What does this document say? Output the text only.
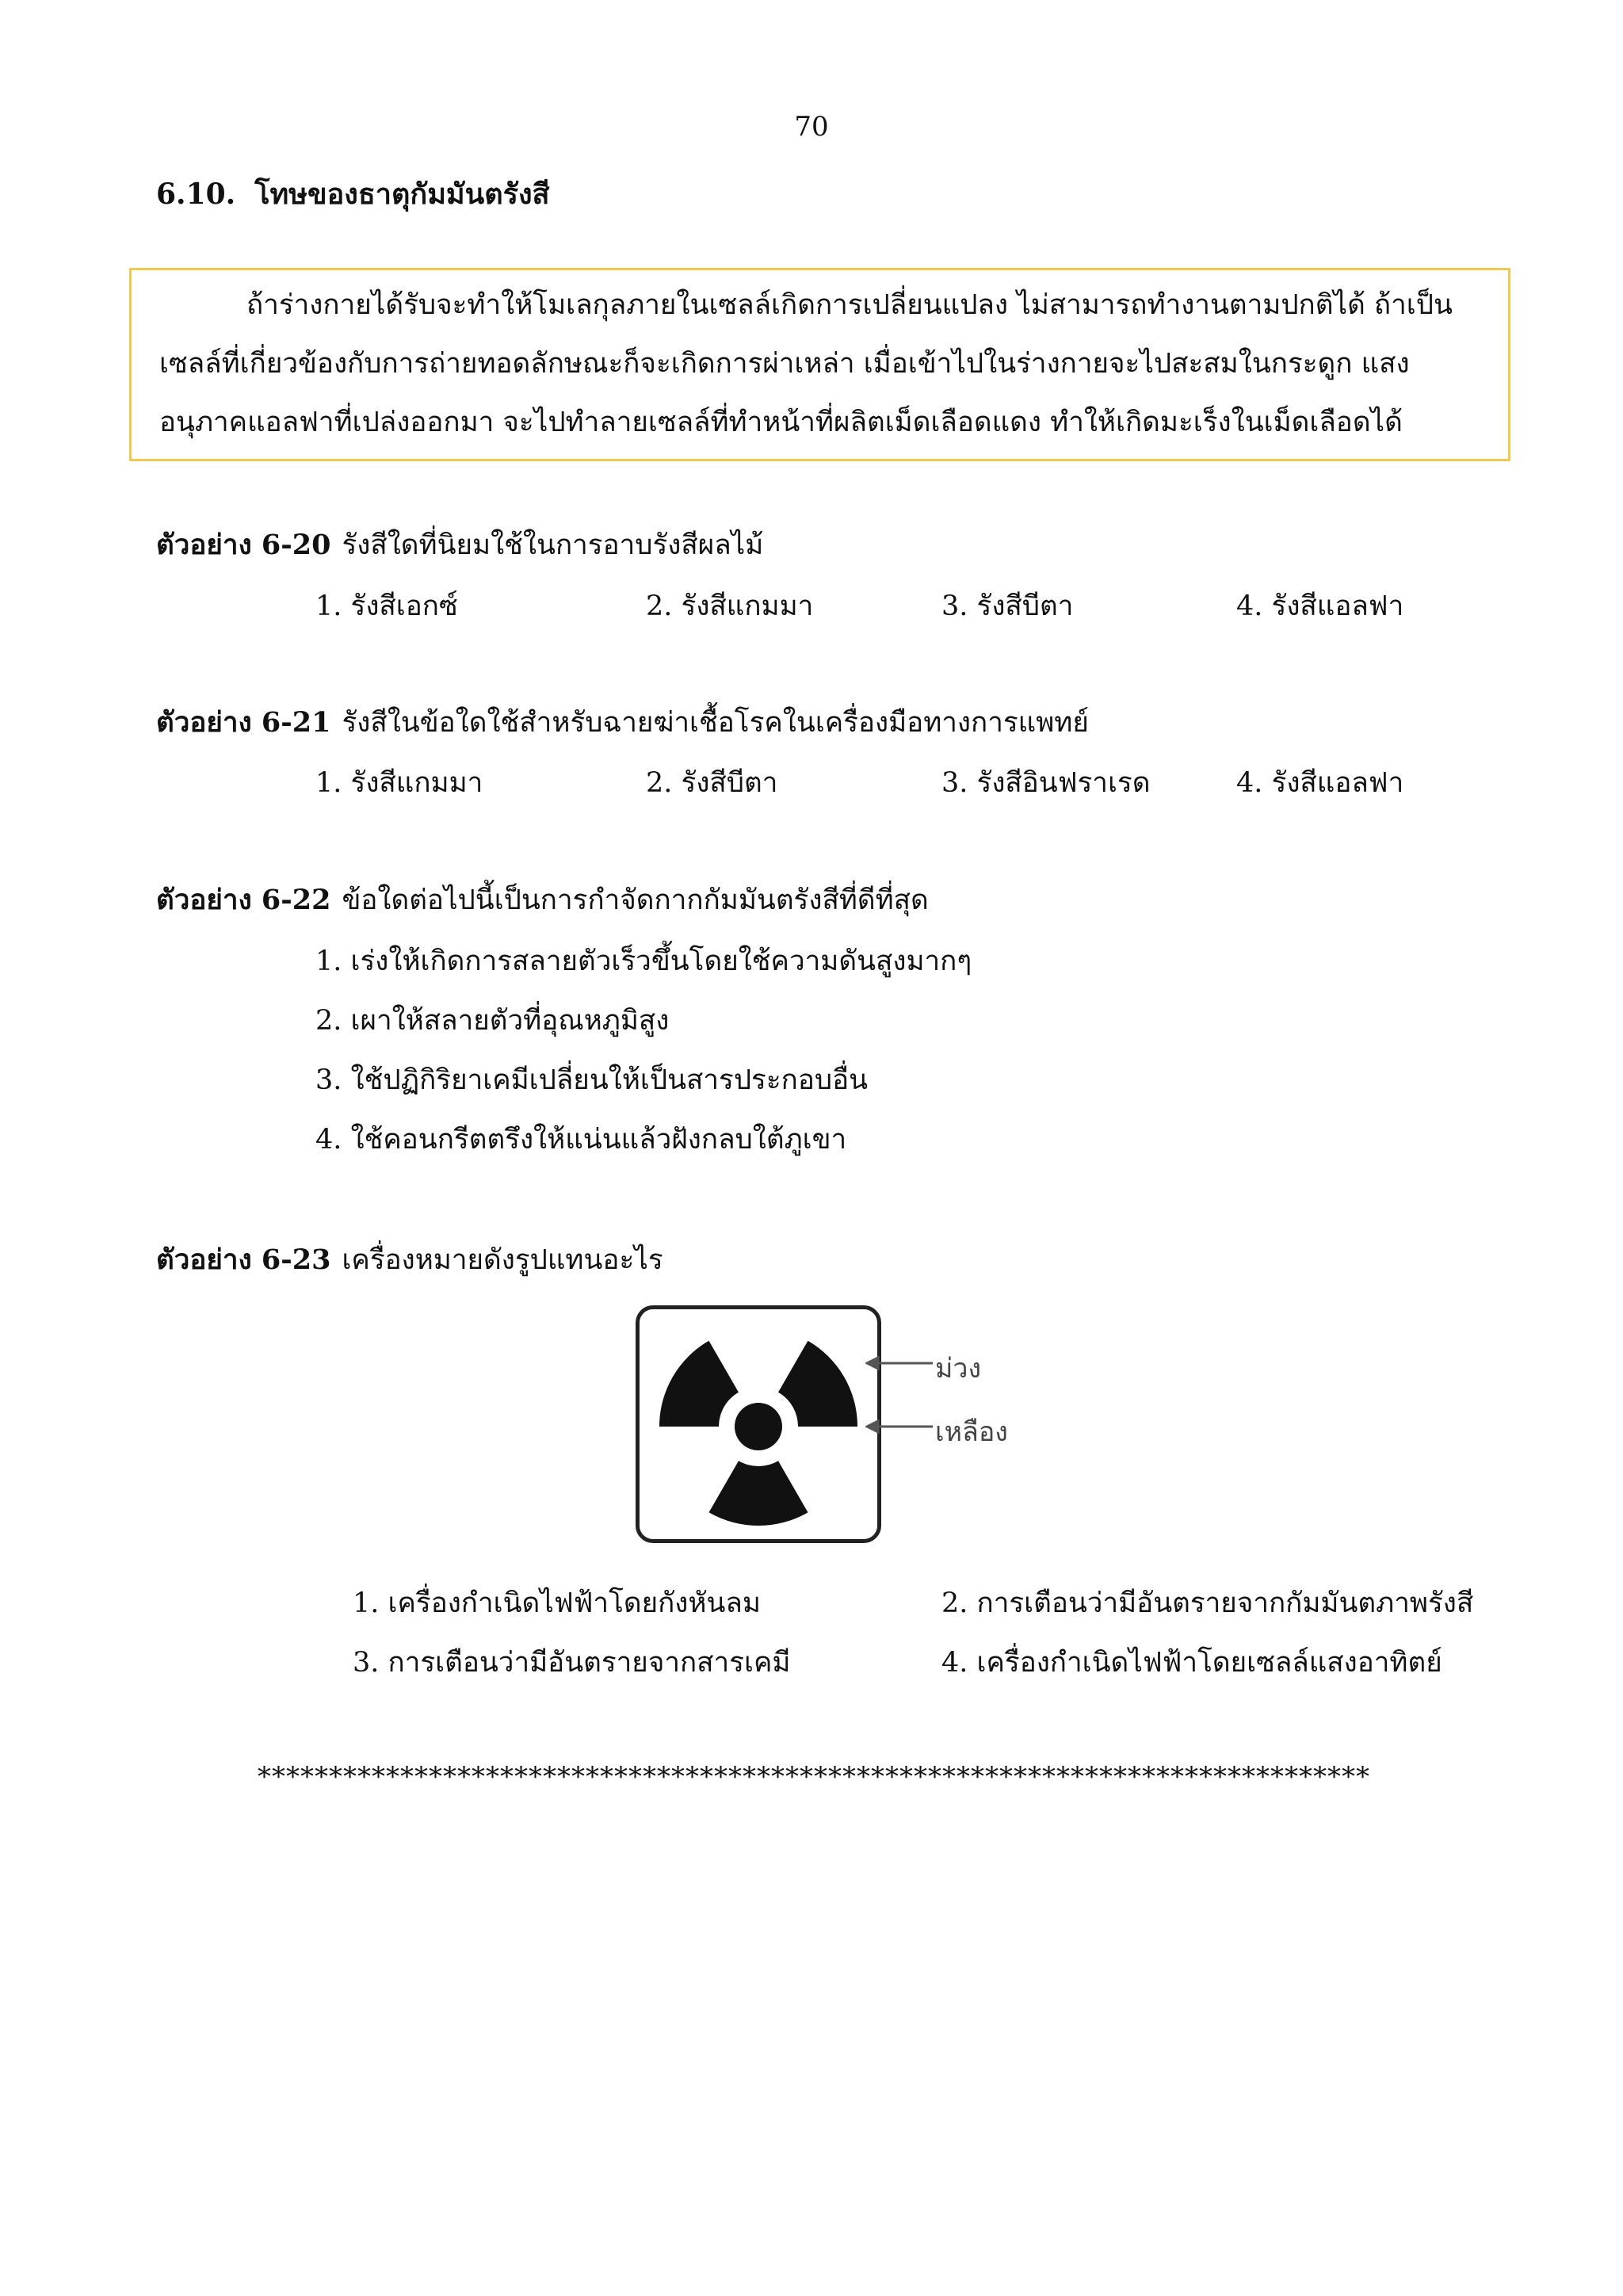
70
6.10. โทษของธาตุกัมมันตรังสี
ถ้าร่างกายได้รับจะทำให้โมเลกุลภายในเซลล์เกิดการเปลี่ยนแปลง ไม่สามารถทำงานตามปกติได้ ถ้าเป็น
เซลล์ที่เกี่ยวข้องกับการถ่ายทอดลักษณะก็จะเกิดการผ่าเหล่า เมื่อเข้าไปในร่างกายจะไปสะสมในกระดูก แสง
อนุภาคแอลฟาที่เปล่งออกมา จะไปทำลายเซลล์ที่ทำหน้าที่ผลิตเม็ดเลือดแดง ทำให้เกิดมะเร็งในเม็ดเลือดได้
ตัวอย่าง 6-20 รังสีใดที่นิยมใช้ในการอาบรังสีผลไม้
1. รังสีเอกซ์	2. รังสีแกมมา	3. รังสีบีตา	4. รังสีแอลฟา
ตัวอย่าง 6-21 รังสีในข้อใดใช้สำหรับฉายฆ่าเชื้อโรคในเครื่องมือทางการแพทย์
1. รังสีแกมมา	2. รังสีบีตา	3. รังสีอินฟราเรด	4. รังสีแอลฟา
ตัวอย่าง 6-22 ข้อใดต่อไปนี้เป็นการกำจัดกากกัมมันตรังสีที่ดีที่สุด
1. เร่งให้เกิดการสลายตัวเร็วขึ้นโดยใช้ความดันสูงมากๆ
2. เผาให้สลายตัวที่อุณหภูมิสูง
3. ใช้ปฏิกิริยาเคมีเปลี่ยนให้เป็นสารประกอบอื่น
4. ใช้คอนกรีตตรึงให้แน่นแล้วฝังกลบใต้ภูเขา
ตัวอย่าง 6-23 เครื่องหมายดังรูปแทนอะไร
ม่วง
เหลือง
1. เครื่องกำเนิดไฟฟ้าโดยกังหันลม	2. การเตือนว่ามีอันตรายจากกัมมันตภาพรังสี
3. การเตือนว่ามีอันตรายจากสารเคมี	4. เครื่องกำเนิดไฟฟ้าโดยเซลล์แสงอาทิตย์
******************************************************************************
